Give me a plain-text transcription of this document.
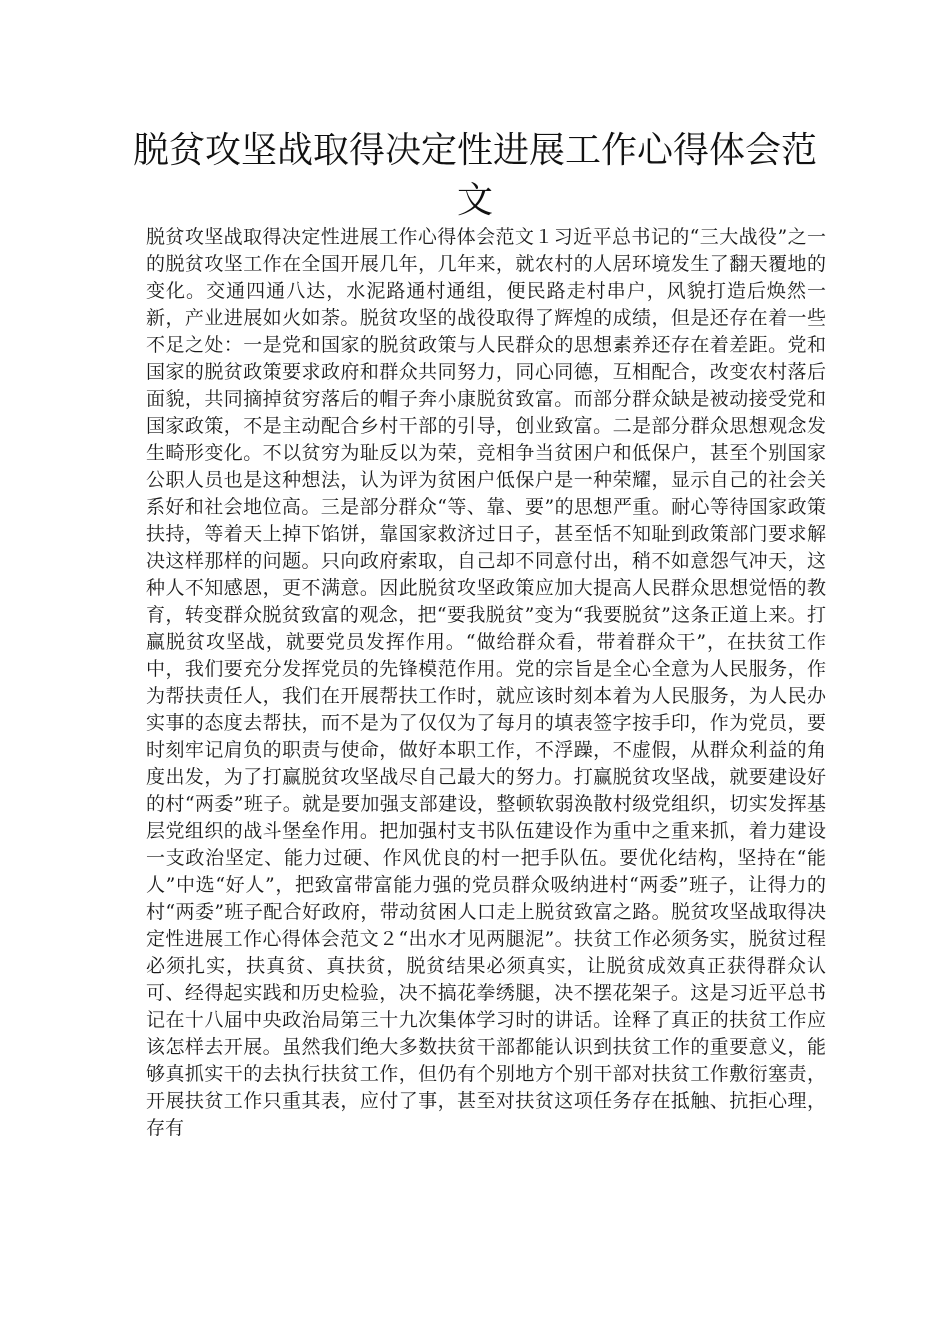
脱贫攻坚战取得决定性进展工作心得体会范文

脱贫攻坚战取得决定性进展工作心得体会范文１习近平总书记的“三大战役”之一的脱贫攻坚工作在全国开展几年，几年来，就农村的人居环境发生了翻天覆地的变化。交通四通八达，水泥路通村通组，便民路走村串户，风貌打造后焕然一新，产业进展如火如荼。脱贫攻坚的战役取得了辉煌的成绩，但是还存在着一些不足之处：一是党和国家的脱贫政策与人民群众的思想素养还存在着差距。党和国家的脱贫政策要求政府和群众共同努力，同心同德，互相配合，改变农村落后面貌，共同摘掉贫穷落后的帽子奔小康脱贫致富。而部分群众缺是被动接受党和国家政策，不是主动配合乡村干部的引导，创业致富。二是部分群众思想观念发生畸形变化。不以贫穷为耻反以为荣，竞相争当贫困户和低保户，甚至个别国家公职人员也是这种想法，认为评为贫困户低保户是一种荣耀，显示自己的社会关系好和社会地位高。三是部分群众“等、靠、要”的思想严重。耐心等待国家政策扶持，等着天上掉下馅饼，靠国家救济过日子，甚至恬不知耻到政策部门要求解决这样那样的问题。只向政府索取，自己却不同意付出，稍不如意怨气冲天，这种人不知感恩，更不满意。因此脱贫攻坚政策应加大提高人民群众思想觉悟的教育，转变群众脱贫致富的观念，把“要我脱贫”变为“我要脱贫”这条正道上来。打赢脱贫攻坚战，就要党员发挥作用。“做给群众看，带着群众干”，在扶贫工作中，我们要充分发挥党员的先锋模范作用。党的宗旨是全心全意为人民服务，作为帮扶责任人，我们在开展帮扶工作时，就应该时刻本着为人民服务，为人民办实事的态度去帮扶，而不是为了仅仅为了每月的填表签字按手印，作为党员，要时刻牢记肩负的职责与使命，做好本职工作，不浮躁，不虚假，从群众利益的角度出发，为了打赢脱贫攻坚战尽自己最大的努力。打赢脱贫攻坚战，就要建设好的村“两委”班子。就是要加强支部建设，整顿软弱涣散村级党组织，切实发挥基层党组织的战斗堡垒作用。把加强村支书队伍建设作为重中之重来抓，着力建设一支政治坚定、能力过硬、作风优良的村一把手队伍。要优化结构，坚持在“能人”中选“好人”，把致富带富能力强的党员群众吸纳进村“两委”班子，让得力的村“两委”班子配合好政府，带动贫困人口走上脱贫致富之路。脱贫攻坚战取得决定性进展工作心得体会范文２“出水才见两腿泥”。扶贫工作必须务实，脱贫过程必须扎实，扶真贫、真扶贫，脱贫结果必须真实，让脱贫成效真正获得群众认可、经得起实践和历史检验，决不搞花拳绣腿，决不摆花架子。这是习近平总书记在十八届中央政治局第三十九次集体学习时的讲话。诠释了真正的扶贫工作应该怎样去开展。虽然我们绝大多数扶贫干部都能认识到扶贫工作的重要意义，能够真抓实干的去执行扶贫工作，但仍有个别地方个别干部对扶贫工作敷衍塞责，开展扶贫工作只重其表，应付了事，甚至对扶贫这项任务存在抵触、抗拒心理，存有
